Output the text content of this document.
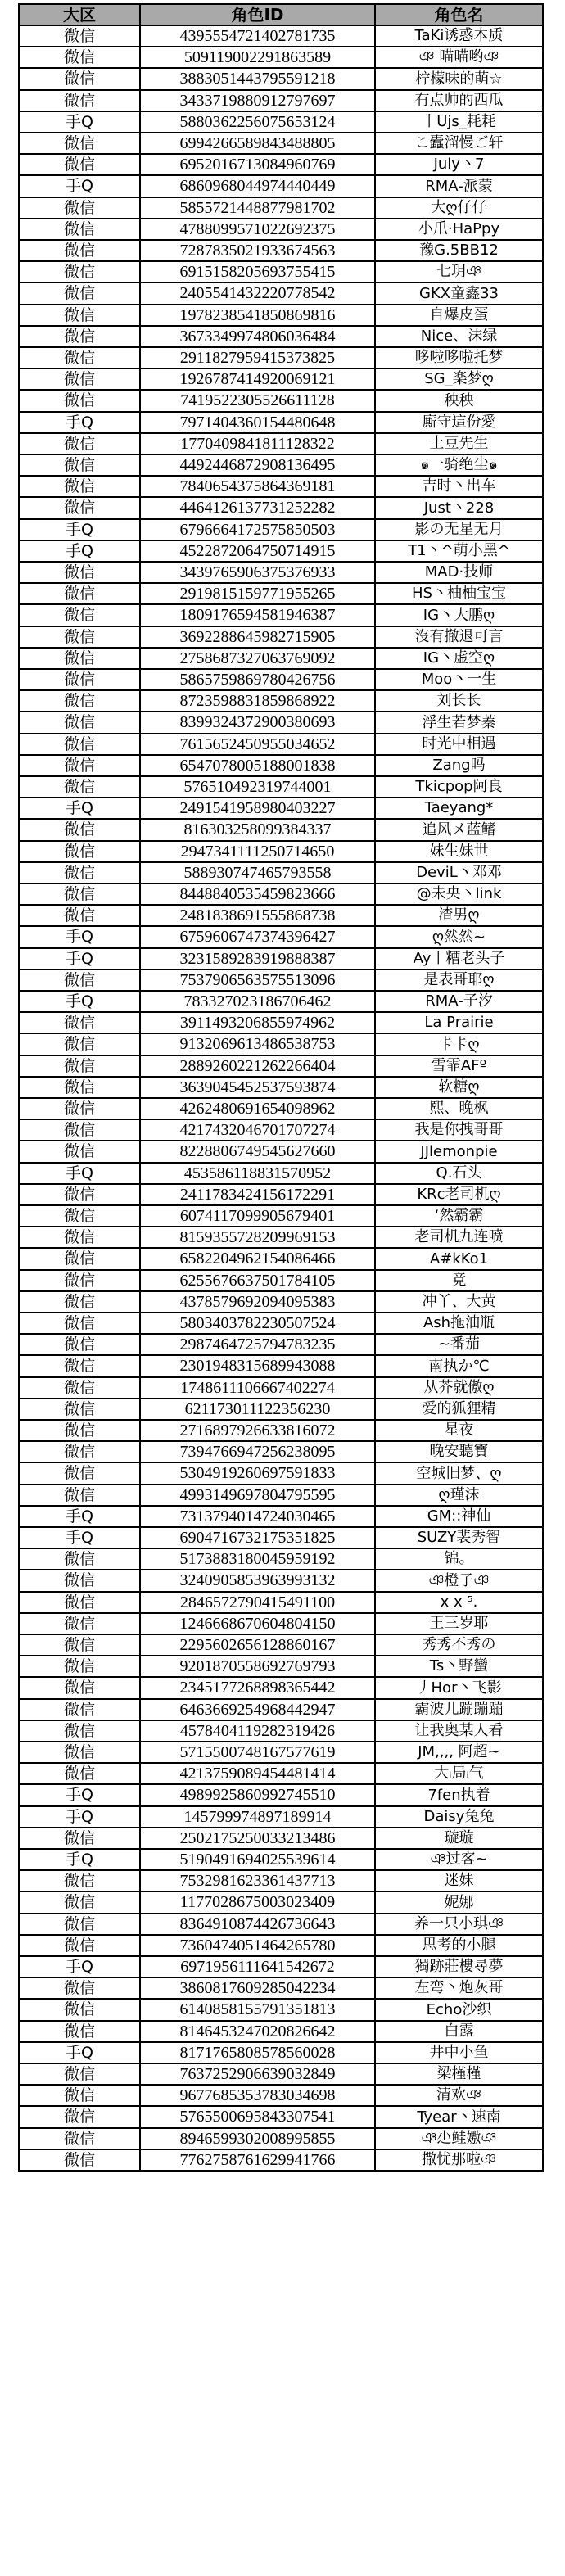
大区	角色ID	角色名
微信	4395554721402781735	TaKi诱惑本质
微信	509119002291863589	ঞ 喵喵哟ঞ
微信	3883051443795591218	柠檬味的萌☆
微信	3433719880912797697	有点帅的西瓜
手Q	5880362256075653124	丨Ujs_耗耗
微信	6994266589843488805	こ蠹溜慢ご轩
微信	6952016713084960769	July丶7
手Q	6860968044974440449	RMA-派蒙
微信	5855721448877981702	大ღ仔仔
微信	4788099571022692375	小爪·HaPpy
微信	7287835021933674563	豫G.5BB12
微信	6915158205693755415	七玥ঞ
微信	2405541432220778542	GKX童鑫33
微信	1978238541850869816	自爆皮蛋
微信	3673349974806036484	Nice、沫绿
微信	2911827959415373825	哆啦哆啦托梦
微信	1926787414920069121	SG_楽梦ღ
微信	7419522305526611128	秧秧
手Q	7971404360154480648	廝守這份愛
微信	1770409841811128322	土豆先生
微信	4492446872908136495	๑一骑绝尘๑
微信	7840654375864369181	吉时丶出车
微信	4464126137731252282	Just丶228
手Q	6796664172575850503	影の无星无月
手Q	4522872064750714915	T1丶^萌小黑^
微信	3439765906375376933	MAD·技师
微信	2919815159771955265	HS丶柚柚宝宝
微信	1809176594581946387	IG丶大鹏ღ
微信	3692288645982715905	沒有撤退可言
微信	2758687327063769092	IG丶虚空ღ
微信	5865759869780426756	Moo丶一生
微信	8723598831859868922	刘长长
微信	8399324372900380693	浮生若梦蓁
微信	7615652450955034652	时光中相遇
微信	6547078005188001838	Zang吗
微信	576510492319744001	Tkicpop阿良
手Q	2491541958980403227	Taeyang*
微信	816303258099384337	追风メ蓝鳍
微信	2947341111250714650	妹生妹世
微信	588930747465793558	DeviL丶邓邓
微信	8448840535459823666	@未央丶link
微信	2481838691555868738	渣男ღ
手Q	6759606747374396427	ღ然然~
手Q	3231589283919888387	Ay丨糟老头子
微信	7537906563575513096	是表哥耶ღ
手Q	783327023186706462	RMA-子汐
微信	3911493206855974962	La Prairie
微信	9132069613486538753	卡卡ღ
微信	2889260221262266404	雪霏AFº
微信	3639045452537593874	软糖ღ
微信	4262480691654098962	熙、晚枫
微信	4217432046701707274	我是你拽哥哥
微信	8228806749545627660	JJlemonpie
手Q	453586118831570952	Q.石头
微信	2411783424156172291	KRc老司机ღ
微信	6074117099905679401	ʻ然霸霸
微信	8159355728209969153	老司机九连喷
微信	6582204962154086466	A#kKo1
微信	6255676637501784105	竟
微信	4378579692094095383	冲丫、大黄
微信	5803403782230507524	Ash拖油瓶
微信	2987464725794783235	~番茄
微信	2301948315689943088	南执か℃
微信	1748611106667402274	从芥就傲ღ
微信	621173011122356230	爱的狐狸精
微信	2716897926633816072	星夜
微信	7394766947256238095	晚安聽寶
微信	5304919260697591833	空城旧梦、ღ
微信	4993149697804795595	ღ瑾沫
手Q	7313794014724030465	GM::神仙
手Q	6904716732175351825	SUZY裴秀智
微信	5173883180045959192	锦。
微信	3240905853963993132	ঞ橙子ঞ
微信	2846572790415491100	x x ⁵.
微信	1246668670604804150	王三岁耶
微信	2295602656128860167	秀秀不秀の
微信	9201870558692769793	Ts丶野蠻
微信	2345177268898365442	丿Hor丶飞影
微信	6463669254968442947	霸波儿蹦蹦蹦
微信	4578404119282319426	让我奥某人看
微信	5715500748167577619	JM,,,, 阿超~
微信	4213759089454481414	大ᵢ局ᵢ气
手Q	4989925860992745510	7fen执着
手Q	145799974897189914	Daisy兔兔
微信	2502175250033213486	璇璇
手Q	5190491694025539614	ঞ过客~
微信	7532981623361437713	迷妹
微信	1177028675003023409	妮娜
微信	8364910874426736643	养一只小琪ঞ
微信	7360474051464265780	思考的小腿
手Q	6971956111641542672	獨跡莊樓尋夢
微信	3860817609285042234	左弯丶炮灰哥
微信	6140858155791351813	Echo沙织
微信	8146453247020826642	白露
手Q	8171765808578560028	井中小鱼
微信	7637252906639032849	梁槿槿
微信	9677685353783034698	清欢ঞ
微信	5765500695843307541	Tyear丶速南
微信	8946599302008995855	ঞ尐鲑嫐ঞ
微信	7762758761629941766	撒忧那啦ঞ
